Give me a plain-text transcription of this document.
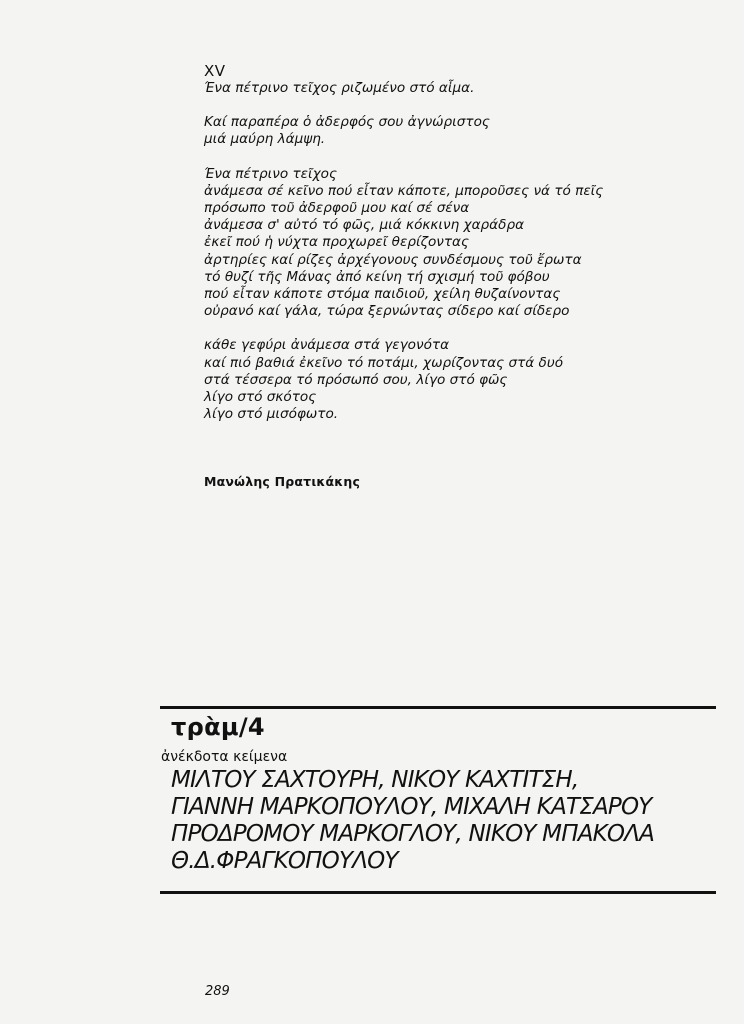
XV

Ένα πέτρινο τεῖχος ριζωμένο στό αἷμα.
Καί παραπέρα ὁ ἀδερφός σου ἀγνώριστος
μιά μαύρη λάμψη.
Ένα πέτρινο τεῖχος
ἀνάμεσα σέ κεῖνο πού εἶταν κάποτε, μποροῦσες νά τό πεῖς
πρόσωπο τοῦ ἀδερφοῦ μου καί σέ σένα
ἀνάμεσα σ' αὐτό τό φῶς, μιά κόκκινη χαράδρα
ἐκεῖ πού ἡ νύχτα προχωρεῖ θερίζοντας
ἀρτηρίες καί ρίζες ἀρχέγονους συνδέσμους τοῦ ἔρωτα
τό θυζί τῆς Μάνας ἀπό κείνη τή σχισμή τοῦ φόβου
πού εἶταν κάποτε στόμα παιδιοῦ, χείλη θυζαίνοντας
οὐρανό καί γάλα, τώρα ξερνώντας σίδερο καί σίδερο
κάθε γεφύρι ἀνάμεσα στά γεγονότα
καί πιό βαθιά ἐκεῖνο τό ποτάμι, χωρίζοντας στά δυό
στά τέσσερα τό πρόσωπό σου, λίγο στό φῶς
λίγο στό σκότος
λίγο στό μισόφωτο.
Μανώλης Πρατικάκης
τρὰμ/4
ἀνέκδοτα κείμενα
ΜΙΛΤΟΥ ΣΑΧΤΟΥΡΗ, ΝΙΚΟΥ ΚΑΧΤΙΤΣΗ,
ΓΙΑΝΝΗ ΜΑΡΚΟΠΟΥΛΟΥ, ΜΙΧΑΛΗ ΚΑΤΣΑΡΟΥ
ΠΡΟΔΡΟΜΟΥ ΜΑΡΚΟΓΛΟΥ, ΝΙΚΟΥ ΜΠΑΚΟΛΑ
Θ.Δ.ΦΡΑΓΚΟΠΟΥΛΟΥ
289
